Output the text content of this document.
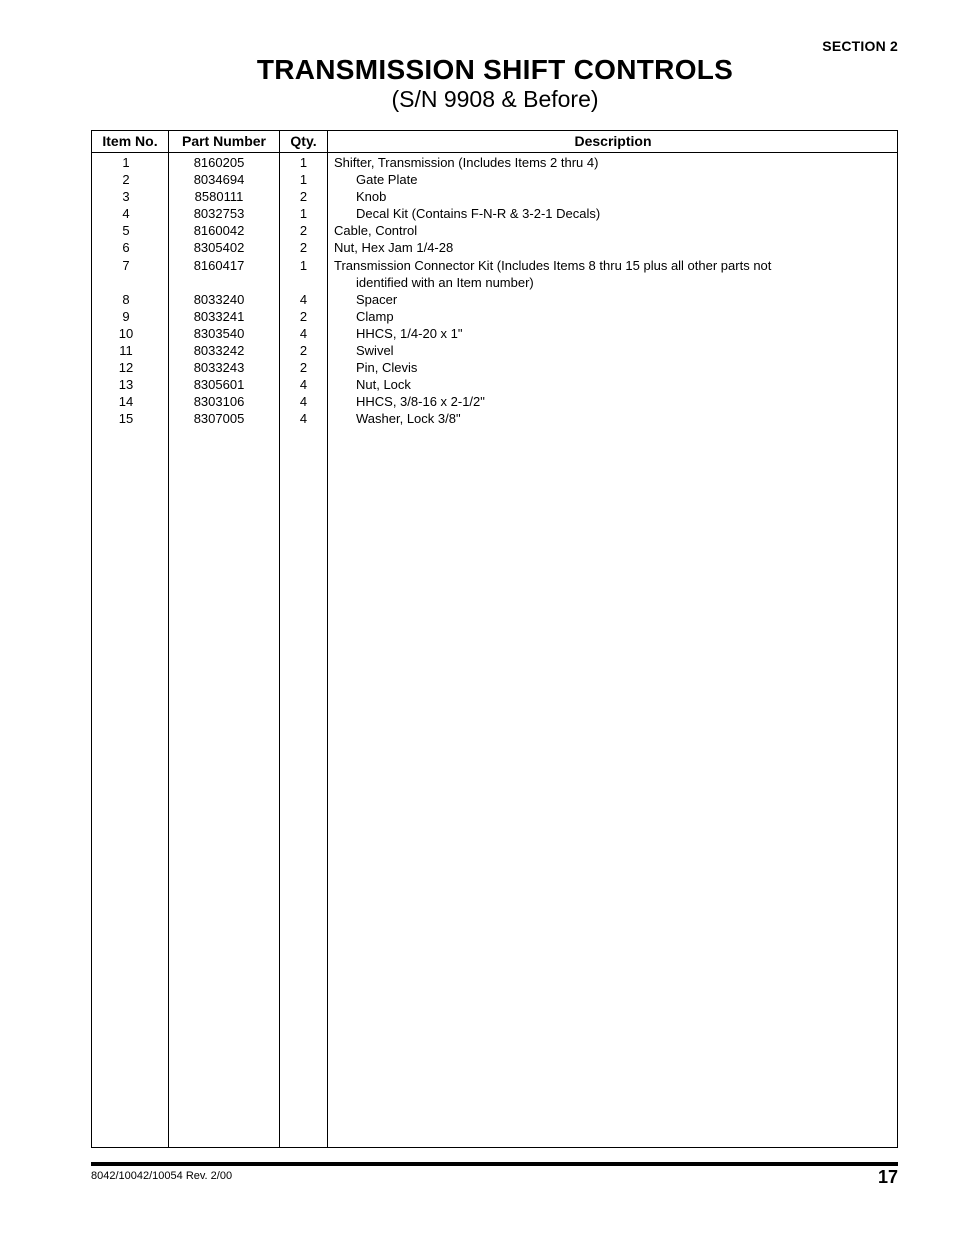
SECTION 2
TRANSMISSION SHIFT CONTROLS
(S/N 9908 & Before)
Item No.	Part Number	Qty.	Description
1	8160205	1	Shifter, Transmission (Includes Items 2 thru 4)
2	8034694	1	Gate Plate
3	8580111	2	Knob
4	8032753	1	Decal Kit (Contains F-N-R & 3-2-1 Decals)
5	8160042	2	Cable, Control
6	8305402	2	Nut, Hex Jam 1/4-28
7	8160417	1	Transmission Connector Kit (Includes Items 8 thru 15 plus all other parts not identified with an Item number)
8	8033240	4	Spacer
9	8033241	2	Clamp
10	8303540	4	HHCS, 1/4-20 x 1"
11	8033242	2	Swivel
12	8033243	2	Pin, Clevis
13	8305601	4	Nut, Lock
14	8303106	4	HHCS, 3/8-16 x 2-1/2"
15	8307005	4	Washer, Lock 3/8"
8042/10042/10054 Rev. 2/00	17
